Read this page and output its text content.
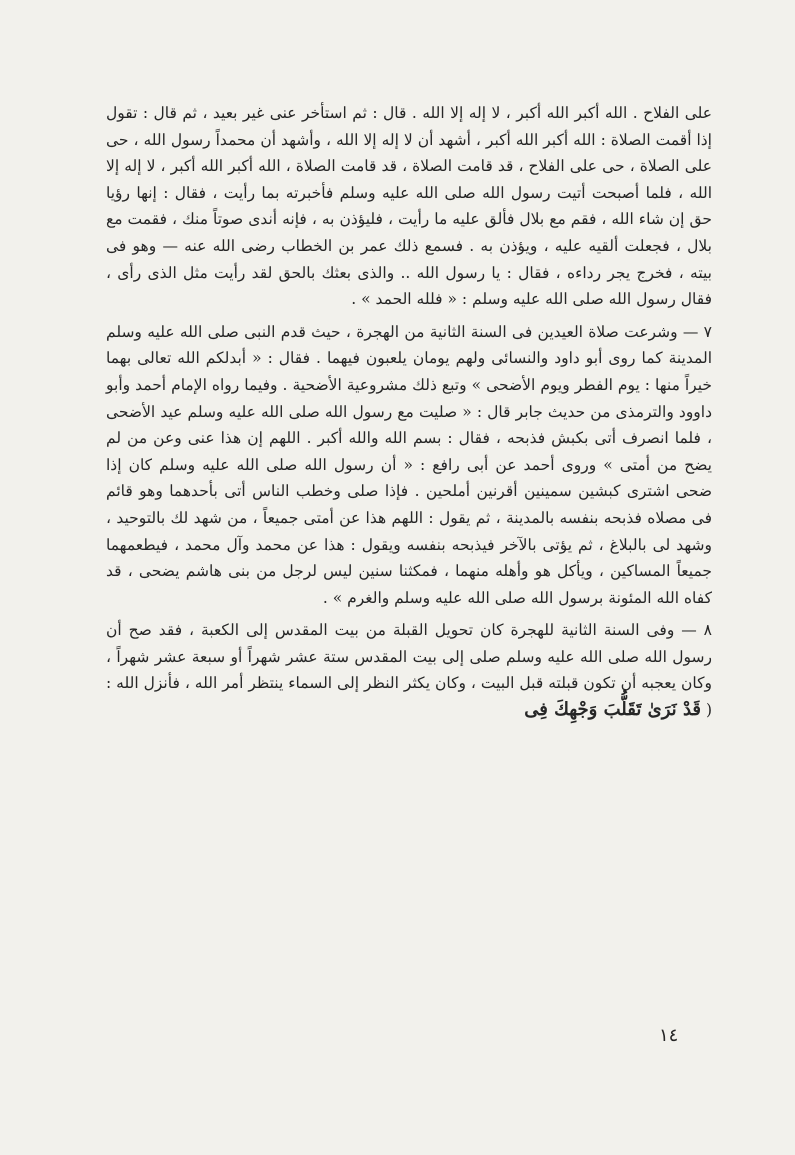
على الفلاح . الله أكبر الله أكبر ، لا إله إلا الله . قال : ثم استأخر عنى غير بعيد ، ثم قال : تقول إذا أقمت الصلاة : الله أكبر الله أكبر ، أشهد أن لا إله إلا الله ، وأشهد أن محمداً رسول الله ، حى على الصلاة ، حى على الفلاح ، قد قامت الصلاة ، قد قامت الصلاة ، الله أكبر الله أكبر ، لا إله إلا الله ، فلما أصبحت أتيت رسول الله صلى الله عليه وسلم فأخبرته بما رأيت ، فقال : إنها رؤيا حق إن شاء الله ، فقم مع بلال فألق عليه ما رأيت ، فليؤذن به ، فإنه أندى صوتاً منك ، فقمت مع بلال ، فجعلت ألقيه عليه ، ويؤذن به . فسمع ذلك عمر بن الخطاب رضى الله عنه — وهو فى بيته ، فخرج يجر رداءه ، فقال : يا رسول الله .. والذى بعثك بالحق لقد رأيت مثل الذى رأى ، فقال رسول الله صلى الله عليه وسلم : « فلله الحمد » .

٧ — وشرعت صلاة العيدين فى السنة الثانية من الهجرة ، حيث قدم النبى صلى الله عليه وسلم المدينة كما روى أبو داود والنسائى ولهم يومان يلعبون فيهما . فقال : « أبدلكم الله تعالى بهما خيراً منها : يوم الفطر ويوم الأضحى » وتبع ذلك مشروعية الأضحية . وفيما رواه الإمام أحمد وأبو داوود والترمذى من حديث جابر قال : « صليت مع رسول الله صلى الله عليه وسلم عيد الأضحى ، فلما انصرف أتى بكبش فذبحه ، فقال : بسم الله والله أكبر . اللهم إن هذا عنى وعن من لم يضح من أمتى » وروى أحمد عن أبى رافع : « أن رسول الله صلى الله عليه وسلم كان إذا ضحى اشترى كبشين سمينين أقرنين أملحين . فإذا صلى وخطب الناس أتى بأحدهما وهو قائم فى مصلاه فذبحه بنفسه بالمدينة ، ثم يقول : اللهم هذا عن أمتى جميعاً ، من شهد لك بالتوحيد ، وشهد لى بالبلاغ ، ثم يؤتى بالآخر فيذبحه بنفسه ويقول : هذا عن محمد وآل محمد ، فيطعمهما جميعاً المساكين ، ويأكل هو وأهله منهما ، فمكثنا سنين ليس لرجل من بنى هاشم يضحى ، قد كفاه الله المئونة برسول الله صلى الله عليه وسلم والغرم » .

٨ — وفى السنة الثانية للهجرة كان تحويل القبلة من بيت المقدس إلى الكعبة ، فقد صح أن رسول الله صلى الله عليه وسلم صلى إلى بيت المقدس ستة عشر شهراً أو سبعة عشر شهراً ، وكان يعجبه أن تكون قبلته قبل البيت ، وكان يكثر النظر إلى السماء ينتظر أمر الله ، فأنزل الله : ( قَدْ نَرَىٰ تَقَلُّبَ وَجْهِكَ فِى

١٤
